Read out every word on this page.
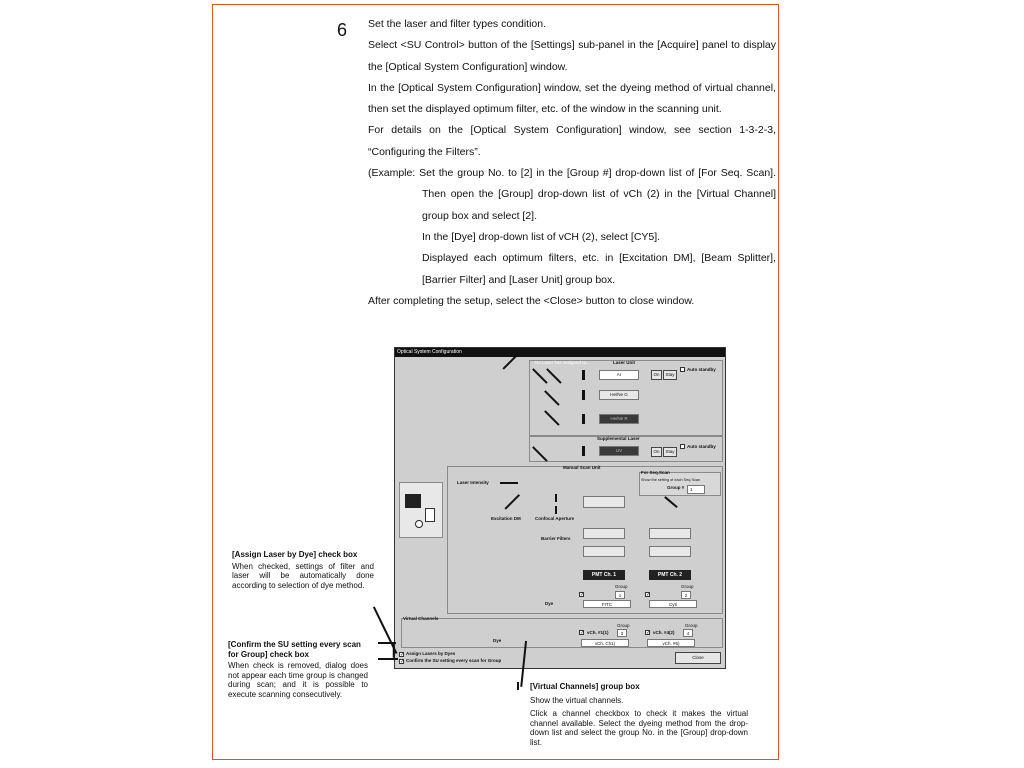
6 Set the laser and filter types condition.

Select <SU Control> button of the [Settings] sub-panel in the [Acquire] panel to display the [Optical System Configuration] window.

In the [Optical System Configuration] window, set the dyeing method of virtual channel, then set the displayed optimum filter, etc. of the window in the scanning unit.

For details on the [Optical System Configuration] window, see section 1-3-2-3, “Configuring the Filters”.

(Example: Set the group No. to [2] in the [Group #] drop-down list of [For Seq. Scan]. Then open the [Group] drop-down list of vCh (2) in the [Virtual Channel] group box and select [2].

In the [Dye] drop-down list of vCH (2), select [CY5].

Displayed each optimum filters, etc. in [Excitation DM], [Beam Splitter], [Barrier Filter] and [Laser Unit] group box.

After completing the setup, select the <Close> button to close window.

Optical System Configuration
No Laser has assigned to...	Laser Unit
Ar
He/Ne G
He/Ne R
On	Stay
Auto standby
Supplemental Laser
UV	On	Stay
Auto standby
Manual Scan Unit
For Seq.Scan
Show the setting of each Seq.Scan
Group #	1
Laser Intensity
Excitation DM	Confocal Aperture
Barrier Filters
PMT Ch. 1	PMT Ch. 2
Group	Group
✓	1	✓	2
Dye	FITC	Cy5
Virtual Channels
Group	Group
✓ vCh. #1(1)	3	✓ vCh. #4(2)	4
Dye
vCh. Ch1)	vCh. #6)
✓ Assign Lasers by Dyes
✓ Confirm the SU setting every scan for Group
Close

[Assign Laser by Dye] check box

When checked, settings of filter and laser will be automatically done according to selection of dye method.

[Confirm the SU setting every scan for Group] check box

When check is removed, dialog does not appear each time group is changed during scan; and it is possible to execute scanning consecutively.

[Virtual Channels] group box

Show the virtual channels.

Click a channel checkbox to check it makes the virtual channel available. Select the dyeing method from the drop-down list and select the group No. in the [Group] drop-down list.
